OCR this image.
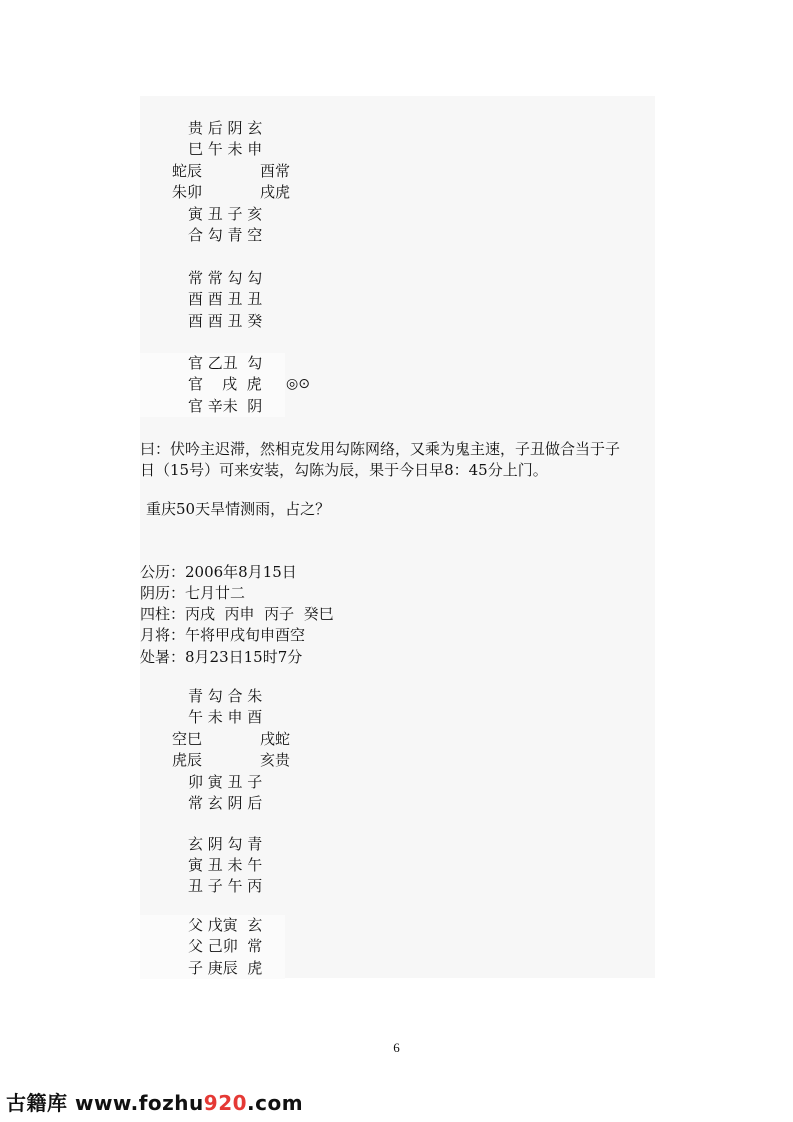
贵 后 阴 玄
巳 午 未 申
蛇辰	酉常
朱卯	戌虎
寅 丑 子 亥
合 勾 青 空
常 常 勾 勾
酉 酉 丑 丑
酉 酉 丑 癸
官 乙丑  勾
官    戌  虎 ◎⊙
官 辛未  阴
曰：伏吟主迟滞，然相克发用勾陈网络，又乘为鬼主速，子丑做合当于子
日（15号）可来安装，勾陈为辰，果于今日早8：45分上门。
重庆50天旱情测雨，占之？
公历：2006年8月15日
阴历：七月廿二
四柱：丙戌  丙申  丙子  癸巳
月将：午将甲戌旬申酉空
处暑：8月23日15时7分
青 勾 合 朱
午 未 申 酉
空巳	戌蛇
虎辰	亥贵
卯 寅 丑 子
常 玄 阴 后
玄 阴 勾 青
寅 丑 未 午
丑 子 午 丙
父 戊寅  玄
父 己卯  常
子 庚辰  虎
6
古籍库 www.fozhu920.com
